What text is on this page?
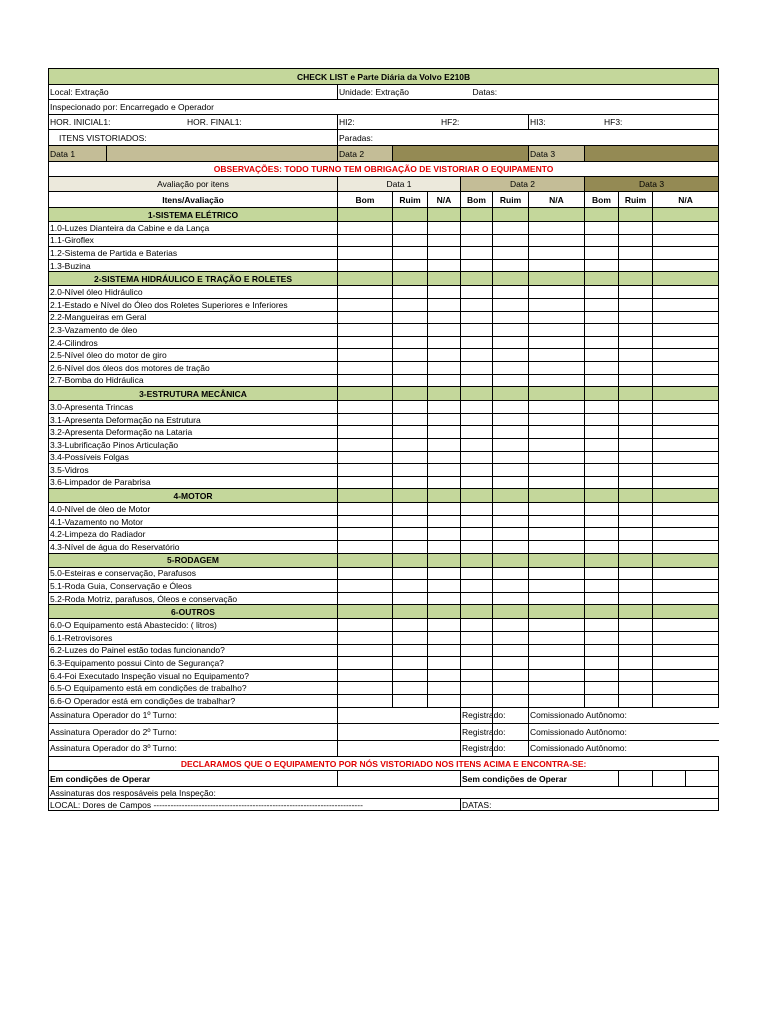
CHECK LIST e Parte Diária da Volvo E210B											
Local: Extração		Unidade: Extração			Datas:						
Inspecionado por: Encarregado e Operador											
HOR. INICIAL1: HOR. FINAL1:		HI2: HF2:					HI3: HF3:				

ITENS VISTORIADOS:		Paradas:									
Data 1		Data 2					Data 3				
OBSERVAÇÕES: TODO TURNO TEM OBRIGAÇÃO DE VISTORIAR O EQUIPAMENTO											
Avaliação por itens		Data 1			Data 2			Data 3			
Itens/Avaliação		Bom	Ruim	N/A	Bom	Ruim	N/A	Bom	Ruim	N/A	
1-SISTEMA ELÉTRICO											
1.0-Luzes Dianteira da Cabine e da Lança											
1.1-Giroflex											
1.2-Sistema de Partida e Baterias											
1.3-Buzina											
2-SISTEMA HIDRÁULICO E TRAÇÃO E ROLETES											
2.0-Nível óleo Hidráulico											
2.1-Estado e Nível do Óleo dos Roletes Superiores e Inferiores											
2.2-Mangueiras em Geral											
2.3-Vazamento de óleo											
2.4-Cilindros											
2.5-Nível óleo do motor de giro											
2.6-Nível dos óleos dos motores de tração											
2.7-Bomba do Hidráulica											
3-ESTRUTURA MECÂNICA											
3.0-Apresenta Trincas											
3.1-Apresenta Deformação na Estrutura											
3.2-Apresenta Deformação na Lataria											
3.3-Lubrificação Pinos Articulação											
3.4-Possíveis Folgas											
3.5-Vidros											
3.6-Limpador de Parabrisa											
4-MOTOR											
4.0-Nível de óleo de Motor											
4.1-Vazamento no Motor											
4.2-Limpeza do Radiador											
4.3-Nível de água do Reservatório											
5-RODAGEM											
5.0-Esteiras e conservação, Parafusos											
5.1-Roda Guia, Conservação e Óleos											
5.2-Roda Motriz, parafusos, Óleos e conservação											
6-OUTROS											
6.0-O Equipamento está Abastecido: ( litros)											
6.1-Retrovisores											
6.2-Luzes do Painel estão todas funcionando?											
6.3-Equipamento possui Cinto de Segurança?											
6.4-Foi Executado Inspeção visual no Equipamento?											
6.5-O Equipamento está em condições de trabalho?											
6.6-O Operador está em condições de trabalhar?											
Assinatura Operador do 1º Turno:					Registrado:		Comissionado Autônomo:				
Assinatura Operador do 2º Turno:					Registrado:		Comissionado Autônomo:				
Assinatura Operador do 3º Turno:					Registrado:		Comissionado Autônomo:				
DECLARAMOS QUE O EQUIPAMENTO POR NÓS VISTORIADO NOS ITENS ACIMA E ENCONTRA-SE:											
Em condições de Operar					Sem condições de Operar						
Assinaturas dos resposáveis pela Inspeção:											
LOCAL: Dores de Campos --------------------------------------------------------------------------					DATAS:						
